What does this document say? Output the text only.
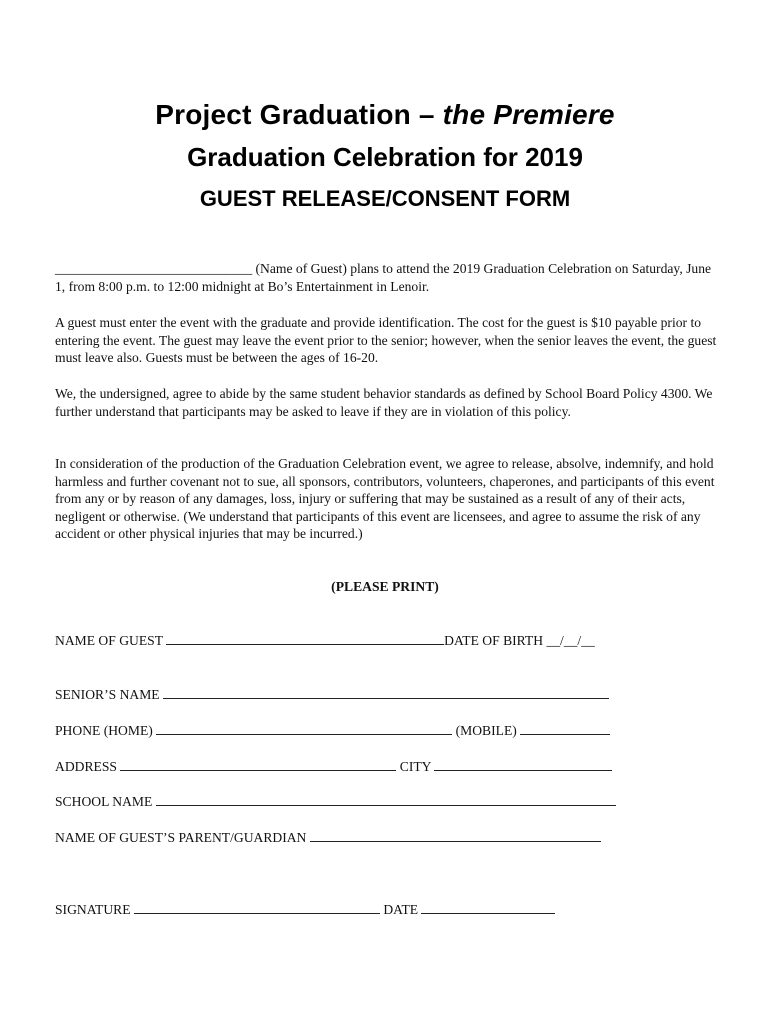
Project Graduation – the Premiere
Graduation Celebration for 2019
GUEST RELEASE/CONSENT FORM
_____________________________ (Name of Guest) plans to attend the 2019 Graduation Celebration on Saturday, June 1, from 8:00 p.m. to 12:00 midnight at Bo’s Entertainment in Lenoir.
A guest must enter the event with the graduate and provide identification. The cost for the guest is $10 payable prior to entering the event. The guest may leave the event prior to the senior; however, when the senior leaves the event, the guest must leave also. Guests must be between the ages of 16-20.
We, the undersigned, agree to abide by the same student behavior standards as defined by School Board Policy 4300. We further understand that participants may be asked to leave if they are in violation of this policy.
In consideration of the production of the Graduation Celebration event, we agree to release, absolve, indemnify, and hold harmless and further covenant not to sue, all sponsors, contributors, volunteers, chaperones, and participants of this event from any or by reason of any damages, loss, injury or suffering that may be sustained as a result of any of their acts, negligent or otherwise. (We understand that participants of this event are licensees, and agree to assume the risk of any accident or other physical injuries that may be incurred.)
(PLEASE PRINT)
NAME OF GUEST	DATE OF BIRTH __/__/__
SENIOR’S NAME
PHONE (HOME)	(MOBILE)
ADDRESS	CITY
SCHOOL NAME
NAME OF GUEST’S PARENT/GUARDIAN
SIGNATURE	DATE
